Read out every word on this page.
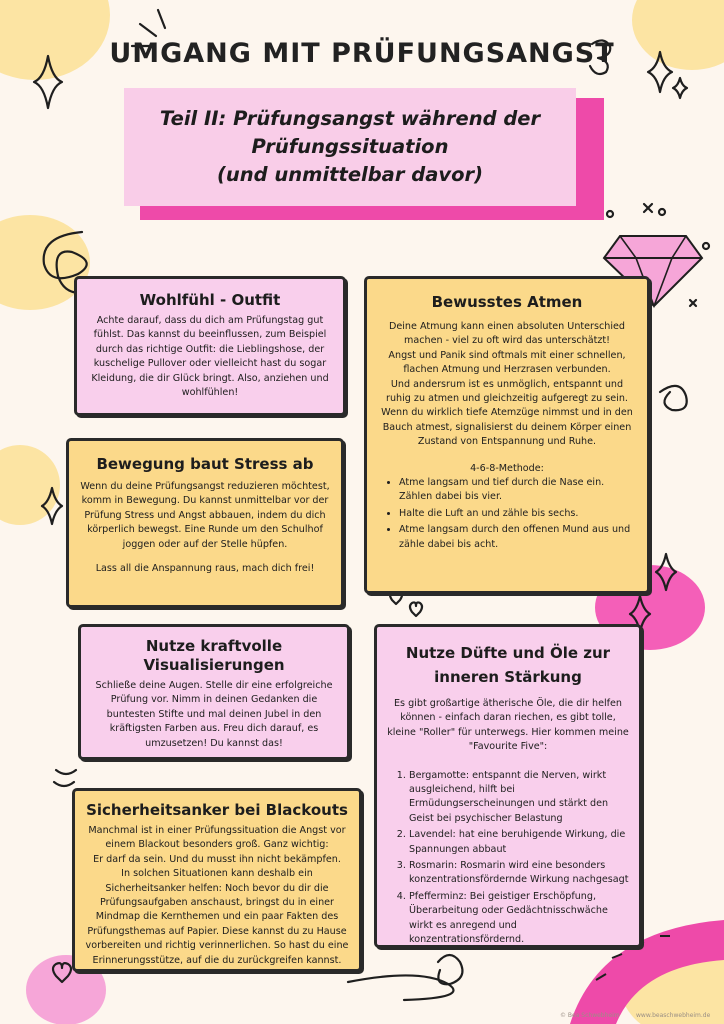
UMGANG MIT PRÜFUNGSANGST
Teil II: Prüfungsangst während der
Prüfungssituation
(und unmittelbar davor)
Wohlfühl - Outfit

Achte darauf, dass du dich am Prüfungstag gut fühlst. Das kannst du beeinflussen, zum Beispiel durch das richtige Outfit: die Lieblingshose, der kuschelige Pullover oder vielleicht hast du sogar Kleidung, die dir Glück bringt. Also, anziehen und wohlfühlen!

Bewegung baut Stress ab

Wenn du deine Prüfungsangst reduzieren möchtest, komm in Bewegung. Du kannst unmittelbar vor der Prüfung Stress und Angst abbauen, indem du dich körperlich bewegst. Eine Runde um den Schulhof joggen oder auf der Stelle hüpfen.

Lass all die Anspannung raus, mach dich frei!

Bewusstes Atmen

Deine Atmung kann einen absoluten Unterschied machen - viel zu oft wird das unterschätzt!

Angst und Panik sind oftmals mit einer schnellen, flachen Atmung und Herzrasen verbunden.

Und andersrum ist es unmöglich, entspannt und ruhig zu atmen und gleichzeitig aufgeregt zu sein.

Wenn du wirklich tiefe Atemzüge nimmst und in den Bauch atmest, signalisierst du deinem Körper einen Zustand von Entspannung und Ruhe.

4-6-8-Methode:

• Atme langsam und tief durch die Nase ein. Zählen dabei bis vier.
• Halte die Luft an und zähle bis sechs.
• Atme langsam durch den offenen Mund aus und zähle dabei bis acht.
Nutze kraftvolle Visualisierungen

Schließe deine Augen. Stelle dir eine erfolgreiche Prüfung vor. Nimm in deinen Gedanken die buntesten Stifte und mal deinen Jubel in den kräftigsten Farben aus. Freu dich darauf, es umzusetzen! Du kannst das!

Nutze Düfte und Öle zur
inneren Stärkung

Es gibt großartige ätherische Öle, die dir helfen können - einfach daran riechen, es gibt tolle, kleine "Roller" für unterwegs. Hier kommen meine "Favourite Five":

1. Bergamotte: entspannt die Nerven, wirkt ausgleichend, hilft bei Ermüdungserscheinungen und stärkt den Geist bei psychischer Belastung
2. Lavendel: hat eine beruhigende Wirkung, die Spannungen abbaut
3. Rosmarin: Rosmarin wird eine besonders konzentrationsfördernde Wirkung nachgesagt
4. Pfefferminz: Bei geistiger Erschöpfung, Überarbeitung oder Gedächtnisschwäche wirkt es anregend und konzentrationsfördernd.
Sicherheitsanker bei Blackouts

Manchmal ist in einer Prüfungssituation die Angst vor einem Blackout besonders groß. Ganz wichtig:

Er darf da sein. Und du musst ihn nicht bekämpfen.

In solchen Situationen kann deshalb ein Sicherheitsanker helfen: Noch bevor du dir die Prüfungsaufgaben anschaust, bringst du in einer Mindmap die Kernthemen und ein paar Fakten des Prüfungsthemas auf Papier. Diese kannst du zu Hause vorbereiten und richtig verinnerlichen. So hast du eine Erinnerungsstütze, auf die du zurückgreifen kannst.

© Bea Schwebheim	www.beaschwebheim.de
